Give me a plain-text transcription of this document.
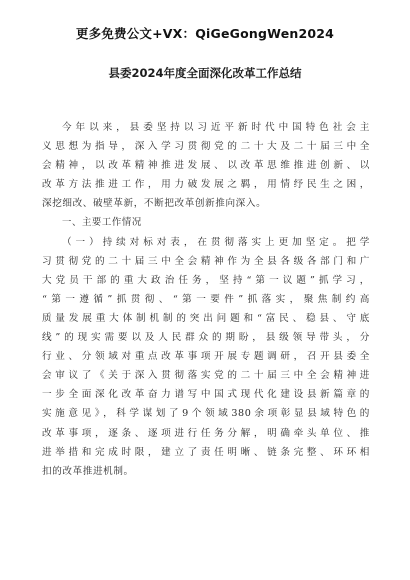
更多免费公文+VX：QiGeGongWen2024
县委2024年度全面深化改革工作总结
今年以来，县委坚持以习近平新时代中国特色社会主
义思想为指导，深入学习贯彻党的二十大及二十届三中全
会精神，以改革精神推进发展、以改革思维推进创新、以
改革方法推进工作，用力破发展之羁，用情纾民生之困，
深挖细改、破壁革新，不断把改革创新推向深入。
一、主要工作情况
（一）持续对标对表，在贯彻落实上更加坚定。把学
习贯彻党的二十届三中全会精神作为全县各级各部门和广
大党员干部的重大政治任务，坚持“第一议题”抓学习，
“第一遵循”抓贯彻、“第一要件”抓落实，聚焦制约高
质量发展重大体制机制的突出问题和“富民、稳县、守底
线”的现实需要以及人民群众的期盼，县级领导带头，分
行业、分领域对重点改革事项开展专题调研，召开县委全
会审议了《关于深入贯彻落实党的二十届三中全会精神进
一步全面深化改革奋力谱写中国式现代化建设县新篇章的
实施意见》，科学谋划了9个领域380余项彰显县域特色的
改革事项，逐条、逐项进行任务分解，明确牵头单位、推
进举措和完成时限，建立了责任明晰、链条完整、环环相
扣的改革推进机制。
